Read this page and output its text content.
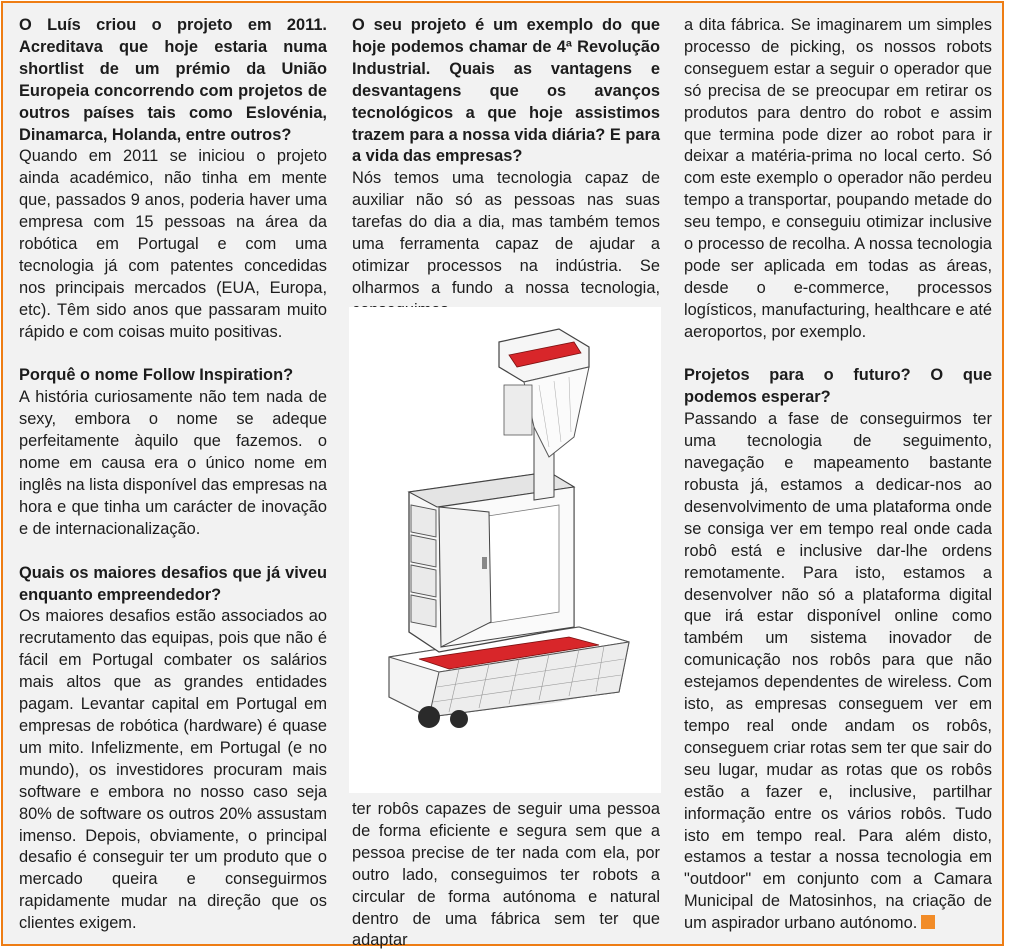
O Luís criou o projeto em 2011. Acreditava que hoje estaria numa shortlist de um prémio da União Europeia concorrendo com projetos de outros países tais como Eslovénia, Dinamarca, Holanda, entre outros?

Quando em 2011 se iniciou o projeto ainda académico, não tinha em mente que, passados 9 anos, poderia haver uma empresa com 15 pessoas na área da robótica em Portugal e com uma tecnologia já com patentes concedidas nos principais mercados (EUA, Europa, etc). Têm sido anos que passaram muito rápido e com coisas muito positivas.

Porquê o nome Follow Inspiration?

A história curiosamente não tem nada de sexy, embora o nome se adeque perfeitamente àquilo que fazemos. o nome em causa era o único nome em inglês na lista disponível das empresas na hora e que tinha um carácter de inovação e de internacionalização.

Quais os maiores desafios que já viveu enquanto empreendedor?

Os maiores desafios estão associados ao recrutamento das equipas, pois que não é fácil em Portugal combater os salários mais altos que as grandes entidades pagam. Levantar capital em Portugal em empresas de robótica (hardware) é quase um mito. Infelizmente, em Portugal (e no mundo), os investidores procuram mais software e embora no nosso caso seja 80% de software os outros 20% assustam imenso. Depois, obviamente, o principal desafio é conseguir ter um produto que o mercado queira e conseguirmos rapidamente mudar na direção que os clientes exigem.

O seu projeto é um exemplo do que hoje podemos chamar de 4ª Revolução Industrial. Quais as vantagens e desvantagens que os avanços tecnológicos a que hoje assistimos trazem para a nossa vida diária? E para a vida das empresas?

Nós temos uma tecnologia capaz de auxiliar não só as pessoas nas suas tarefas do dia a dia, mas também temos uma ferramenta capaz de ajudar a otimizar processos na indústria. Se olharmos a fundo a nossa tecnologia,

ter robôs capazes de seguir uma pessoa de forma eficiente e segura sem que a pessoa precise de ter nada com ela, por outro lado, conseguimos ter robots a circular de forma autónoma e natural dentro de uma fábrica sem ter que adaptar

a dita fábrica. Se imaginarem um simples processo de picking, os nossos robots conseguem estar a seguir o operador que só precisa de se preocupar em retirar os produtos para dentro do robot e assim que termina pode dizer ao robot para ir deixar a matéria-prima no local certo. Só com este exemplo o operador não perdeu tempo a transportar, poupando metade do seu tempo, e conseguiu otimizar inclusive o processo de recolha. A nossa tecnologia pode ser aplicada em todas as áreas, desde o e-commerce, processos logísticos, manufacturing, healthcare e até aeroportos, por exemplo.

Projetos para o futuro? O que podemos esperar?

Passando a fase de conseguirmos ter uma tecnologia de seguimento, navegação e mapeamento bastante robusta já, estamos a dedicar-nos ao desenvolvimento de uma plataforma onde se consiga ver em tempo real onde cada robô está e inclusive dar-lhe ordens remotamente. Para isto, estamos a desenvolver não só a plataforma digital que irá estar disponível online como também um sistema inovador de comunicação nos robôs para que não estejamos dependentes de wireless. Com isto, as empresas conseguem ver em tempo real onde andam os robôs, conseguem criar rotas sem ter que sair do seu lugar, mudar as rotas que os robôs estão a fazer e, inclusive, partilhar informação entre os vários robôs. Tudo isto em tempo real. Para além disto, estamos a testar a nossa tecnologia em "outdoor" em conjunto com a Camara Municipal de Matosinhos, na criação de um aspirador urbano autónomo.
